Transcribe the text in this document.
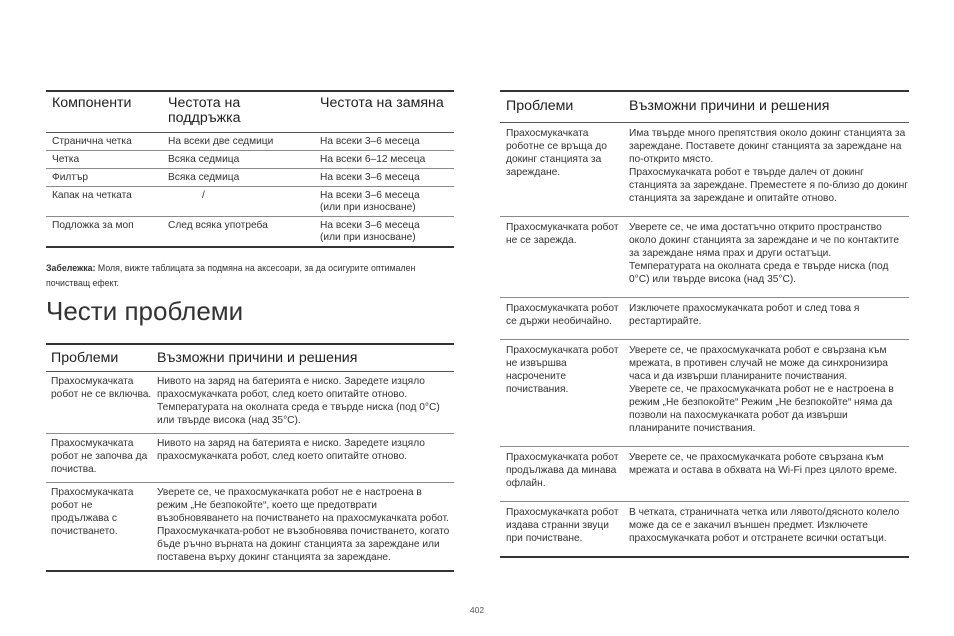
Компоненти	Честота на поддръжка	Честота на замяна
Странична четка	На всеки две седмици	На всеки 3–6 месеца
Четка	Всяка седмица	На всеки 6–12 месеца
Филтър	Всяка седмица	На всеки 3–6 месеца
Капак на четката	/	На всеки 3–6 месеца
(или при износване)
Подложка за моп	След всяка употреба	На всеки 3–6 месеца
(или при износване)

Забележка: Моля, вижте таблицата за подмяна на аксесоари, за да осигурите оптимален почистващ ефект.

Чести проблеми
Проблеми	Възможни причини и решения
Прахосмукачката робот не се включва.	Нивото на заряд на батерията е ниско. Заредете изцяло прахосмукачката робот, след което опитайте отново.
Температурата на околната среда е твърде ниска (под 0°C) или твърде висока (над 35°C).
Прахосмукачката робот не започва да почиства.	Нивото на заряд на батерията е ниско. Заредете изцяло прахосмукачката робот, след което опитайте отново.
Прахосмукачката робот не продължава с почистването.	Уверете се, че прахосмукачката робот не е настроена в режим „Не безпокойте“, което ще предотврати възобновяването на почистването на прахосмукачката робот.
Прахосмукачката-робот не възобновява почистването, когато бъде ръчно върната на докинг станцията за зареждане или поставена върху докинг станцията за зареждане.
Проблеми	Възможни причини и решения
Прахосмукачката роботне се връща до докинг станцията за зареждане.	Има твърде много препятствия около докинг станцията за зареждане. Поставете докинг станцията за зареждане на по-открито място.
Прахосмукачката робот е твърде далеч от докинг станцията за зареждане. Преместете я по-близо до докинг станцията за зареждане и опитайте отново.
Прахосмукачката робот не се зарежда.	Уверете се, че има достатъчно открито пространство около докинг станцията за зареждане и че по контактите за зареждане няма прах и други остатъци.
Температурата на околната среда е твърде ниска (под 0°C) или твърде висока (над 35°C).
Прахосмукачката робот се държи необичайно.	Изключете прахосмукачката робот и след това я рестартирайте.
Прахосмукачката робот не извършва насрочените почиствания.	Уверете се, че прахосмукачката робот е свързана към мрежата, в противен случай не може да синхронизира часа и да извърши планираните почиствания.
Уверете се, че прахосмукачката робот не е настроена в режим „Не безпокойте“ Режим „Не безпокойте“ няма да позволи на пахосмукачката робот да извърши планираните почиствания.
Прахосмукачката робот продължава да минава офлайн.	Уверете се, че прахосмукачката роботе свързана към мрежата и остава в обхвата на Wi-Fi през цялото време.
Прахосмукачката робот издава странни звуци при почистване.	В четката, страничната четка или лявото/дясното колело може да се е закачил външен предмет. Изключете прахосмукачката робот и отстранете всички остатъци.
402
